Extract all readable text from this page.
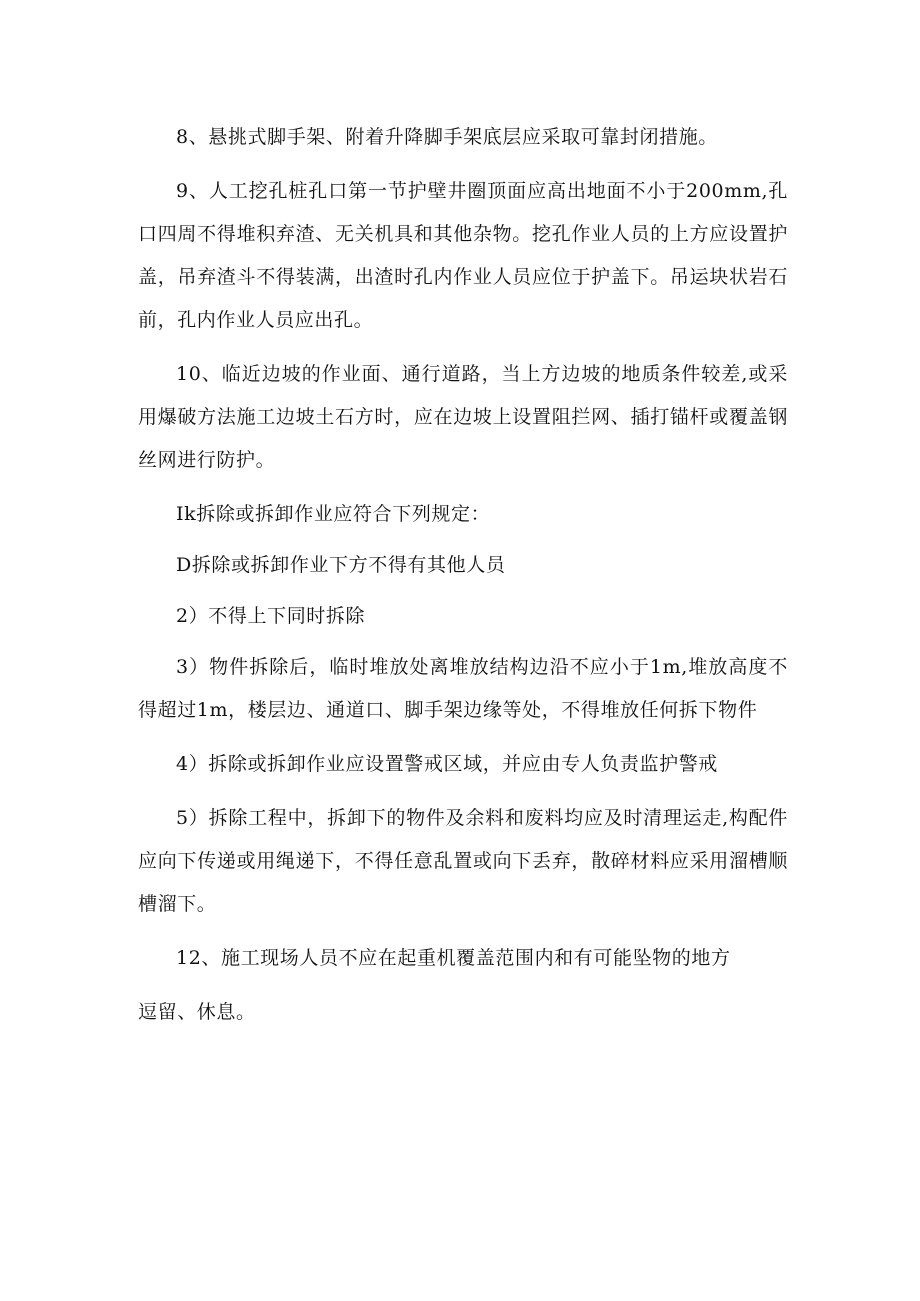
8、悬挑式脚手架、附着升降脚手架底层应采取可靠封闭措施。

9、人工挖孔桩孔口第一节护壁井圈顶面应高出地面不小于200mm,孔口四周不得堆积弃渣、无关机具和其他杂物。挖孔作业人员的上方应设置护盖，吊弃渣斗不得装满，出渣时孔内作业人员应位于护盖下。吊运块状岩石前，孔内作业人员应出孔。

10、临近边坡的作业面、通行道路，当上方边坡的地质条件较差,或采用爆破方法施工边坡土石方时，应在边坡上设置阻拦网、插打锚杆或覆盖钢丝网进行防护。

Ik拆除或拆卸作业应符合下列规定：

D拆除或拆卸作业下方不得有其他人员

2）不得上下同时拆除

3）物件拆除后，临时堆放处离堆放结构边沿不应小于1m,堆放高度不得超过1m，楼层边、通道口、脚手架边缘等处，不得堆放任何拆下物件

4）拆除或拆卸作业应设置警戒区域，并应由专人负责监护警戒

5）拆除工程中，拆卸下的物件及余料和废料均应及时清理运走,构配件应向下传递或用绳递下，不得任意乱置或向下丢弃，散碎材料应采用溜槽顺槽溜下。

12、施工现场人员不应在起重机覆盖范围内和有可能坠物的地方

逗留、休息。
